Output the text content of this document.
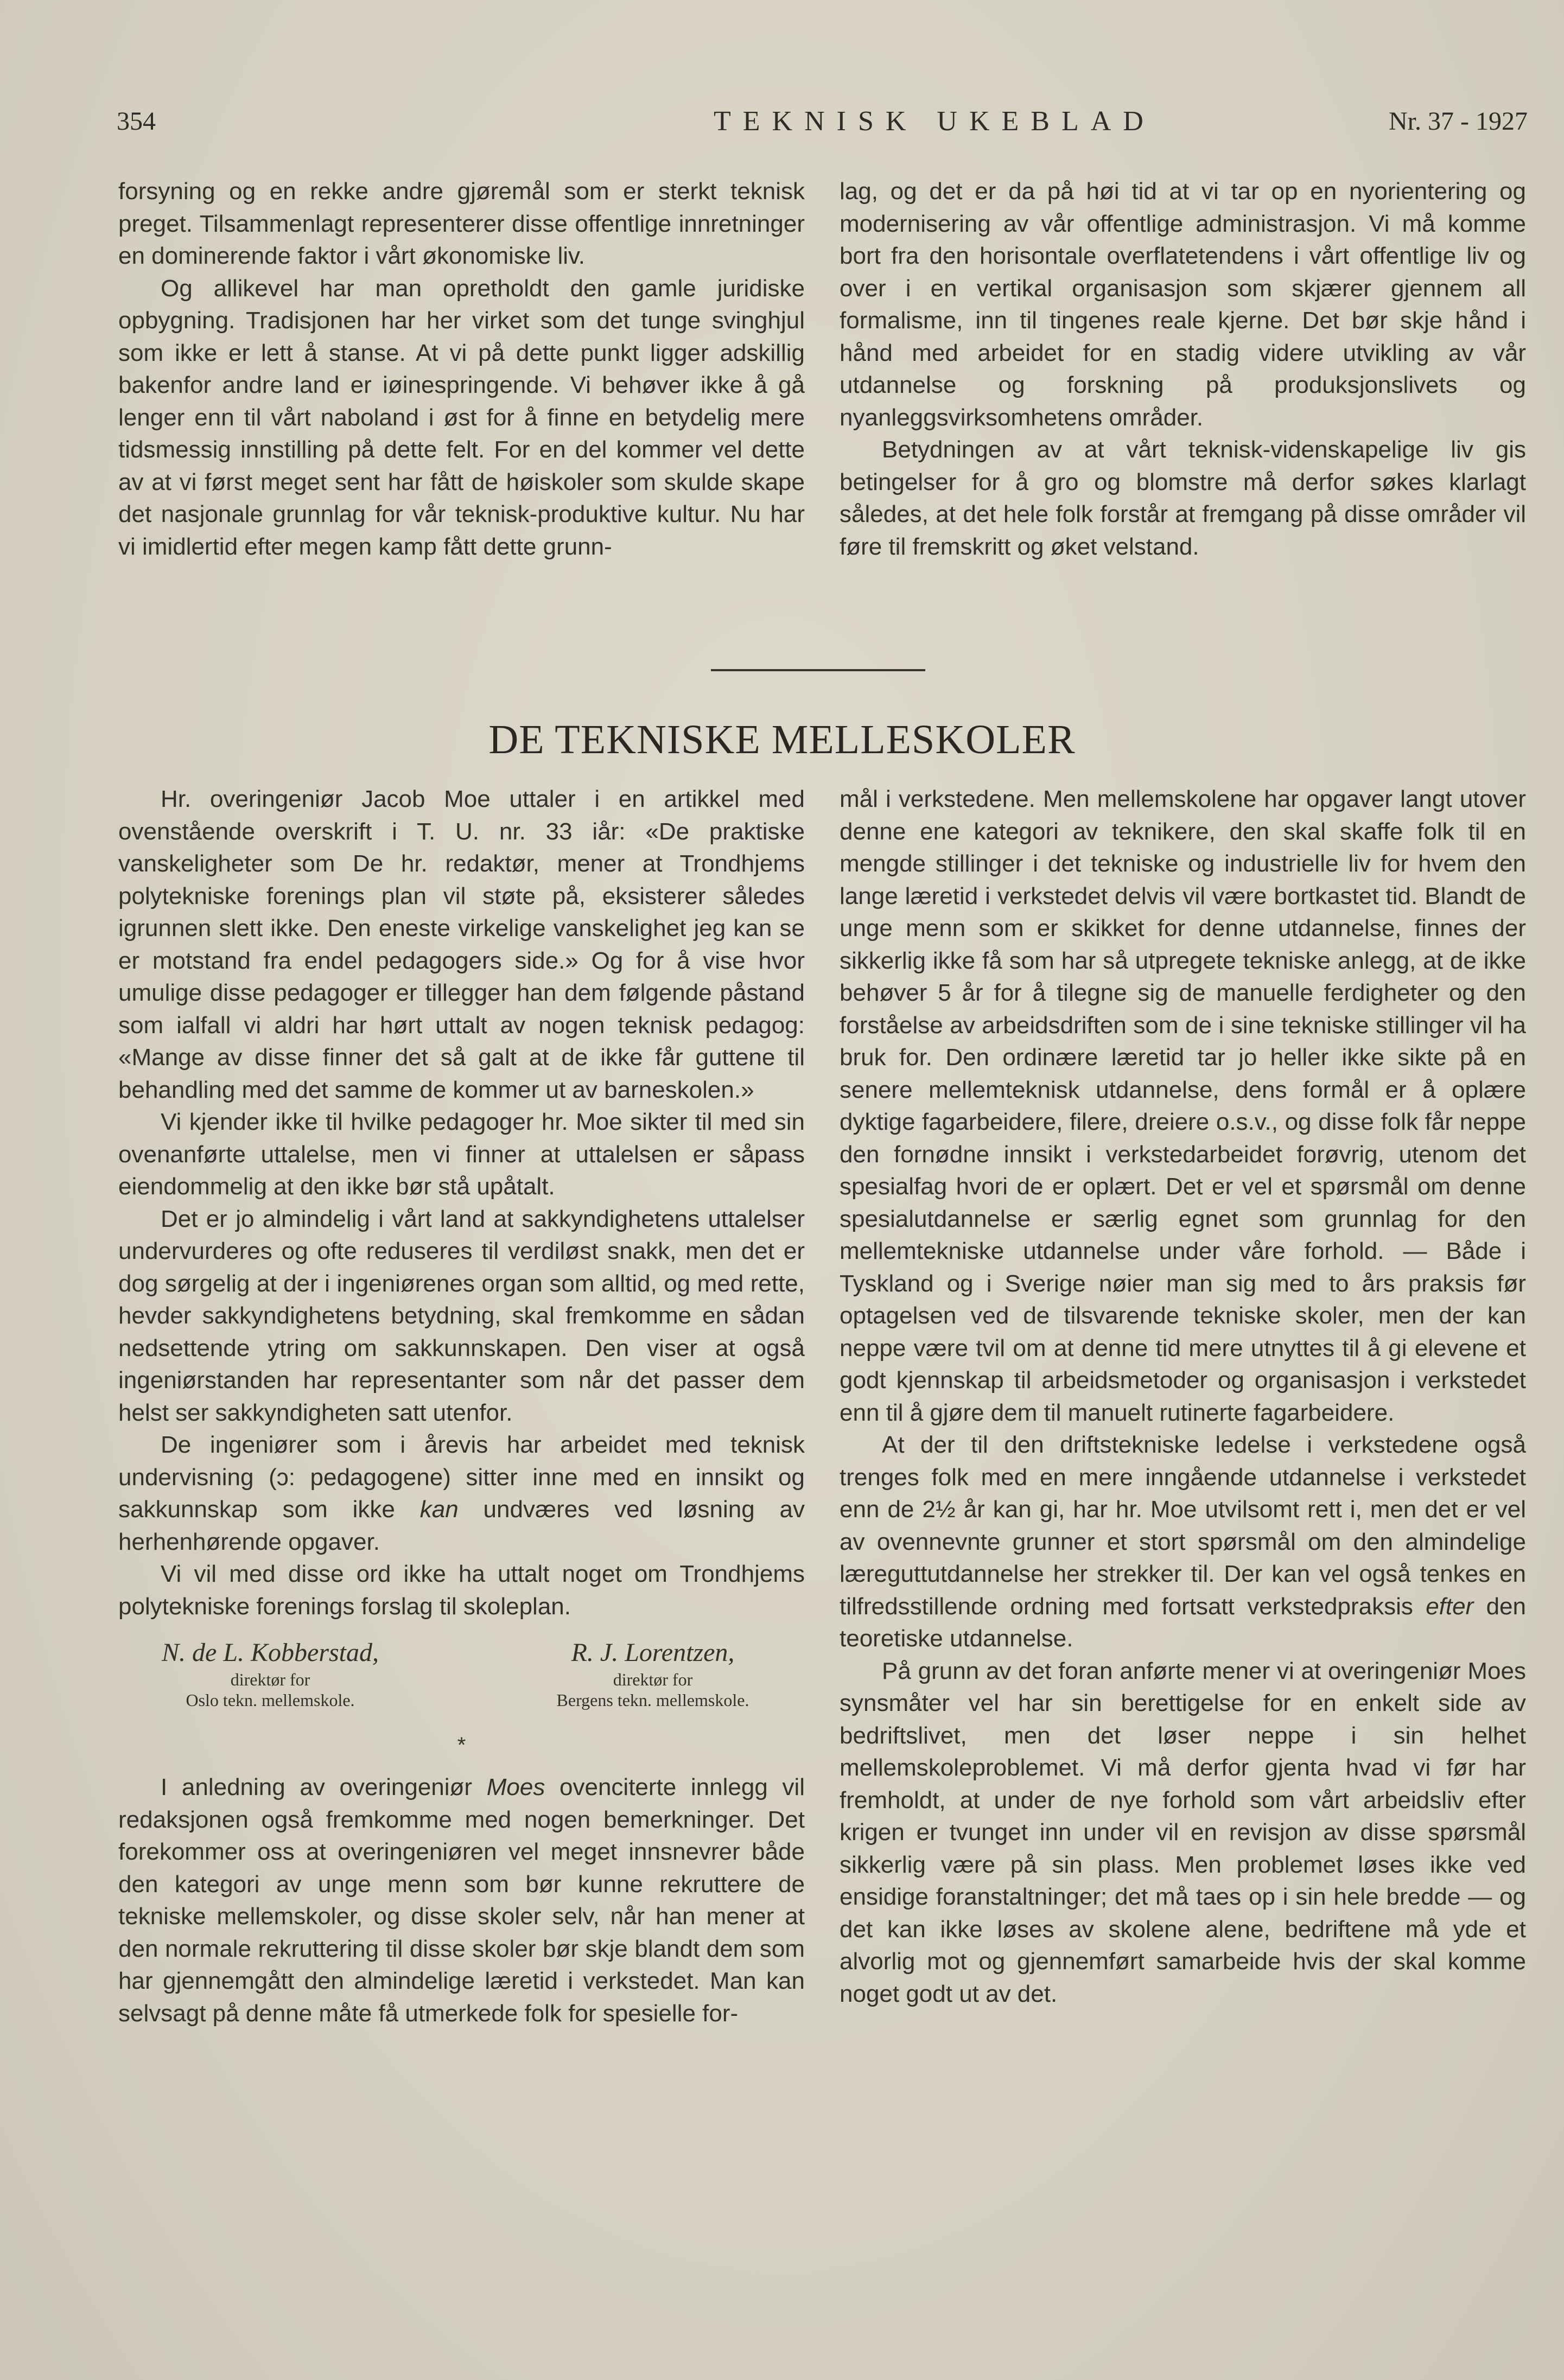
354	TEKNISK UKEBLAD	Nr. 37 - 1927

forsyning og en rekke andre gjøremål som er sterkt teknisk preget. Tilsammenlagt representerer disse offentlige innretninger en dominerende faktor i vårt økonomiske liv.

Og allikevel har man opretholdt den gamle juridiske opbygning. Tradisjonen har her virket som det tunge svinghjul som ikke er lett å stanse. At vi på dette punkt ligger adskillig bakenfor andre land er iøinespringende. Vi behøver ikke å gå lenger enn til vårt naboland i øst for å finne en betydelig mere tidsmessig innstilling på dette felt. For en del kommer vel dette av at vi først meget sent har fått de høiskoler som skulde skape det nasjonale grunnlag for vår teknisk-produktive kultur. Nu har vi imidlertid efter megen kamp fått dette grunn-

lag, og det er da på høi tid at vi tar op en nyorientering og modernisering av vår offentlige administrasjon. Vi må komme bort fra den horisontale overflatetendens i vårt offentlige liv og over i en vertikal organisasjon som skjærer gjennem all formalisme, inn til tingenes reale kjerne. Det bør skje hånd i hånd med arbeidet for en stadig videre utvikling av vår utdannelse og forskning på produksjonslivets og nyanleggsvirksomhetens områder.

Betydningen av at vårt teknisk-videnskapelige liv gis betingelser for å gro og blomstre må derfor søkes klarlagt således, at det hele folk forstår at fremgang på disse områder vil føre til fremskritt og øket velstand.

DE TEKNISKE MELLESKOLER

Hr. overingeniør Jacob Moe uttaler i en artikkel med ovenstående overskrift i T. U. nr. 33 iår: «De praktiske vanskeligheter som De hr. redaktør, mener at Trondhjems polytekniske forenings plan vil støte på, eksisterer således igrunnen slett ikke. Den eneste virkelige vanskelighet jeg kan se er motstand fra endel pedagogers side.» Og for å vise hvor umulige disse pedagoger er tillegger han dem følgende påstand som ialfall vi aldri har hørt uttalt av nogen teknisk pedagog: «Mange av disse finner det så galt at de ikke får guttene til behandling med det samme de kommer ut av barneskolen.»

Vi kjender ikke til hvilke pedagoger hr. Moe sikter til med sin ovenanførte uttalelse, men vi finner at uttalelsen er såpass eiendommelig at den ikke bør stå upåtalt.

Det er jo almindelig i vårt land at sakkyndighetens uttalelser undervurderes og ofte reduseres til verdiløst snakk, men det er dog sørgelig at der i ingeniørenes organ som alltid, og med rette, hevder sakkyndighetens betydning, skal fremkomme en sådan nedsettende ytring om sakkunnskapen. Den viser at også ingeniørstanden har representanter som når det passer dem helst ser sakkyndigheten satt utenfor.

De ingeniører som i årevis har arbeidet med teknisk undervisning (ɔ: pedagogene) sitter inne med en innsikt og sakkunnskap som ikke kan undværes ved løsning av herhenhørende opgaver.

Vi vil med disse ord ikke ha uttalt noget om Trondhjems polytekniske forenings forslag til skoleplan.

N. de L. Kobberstad,
direktør for
Oslo tekn. mellemskole.
R. J. Lorentzen,
direktør for
Bergens tekn. mellemskole.
*

I anledning av overingeniør Moes ovenciterte innlegg vil redaksjonen også fremkomme med nogen bemerkninger. Det forekommer oss at overingeniøren vel meget innsnevrer både den kategori av unge menn som bør kunne rekruttere de tekniske mellemskoler, og disse skoler selv, når han mener at den normale rekruttering til disse skoler bør skje blandt dem som har gjennemgått den almindelige læretid i verkstedet. Man kan selvsagt på denne måte få utmerkede folk for spesielle for-

mål i verkstedene. Men mellemskolene har opgaver langt utover denne ene kategori av teknikere, den skal skaffe folk til en mengde stillinger i det tekniske og industrielle liv for hvem den lange læretid i verkstedet delvis vil være bortkastet tid. Blandt de unge menn som er skikket for denne utdannelse, finnes der sikkerlig ikke få som har så utpregete tekniske anlegg, at de ikke behøver 5 år for å tilegne sig de manuelle ferdigheter og den forståelse av arbeidsdriften som de i sine tekniske stillinger vil ha bruk for. Den ordinære læretid tar jo heller ikke sikte på en senere mellemteknisk utdannelse, dens formål er å oplære dyktige fagarbeidere, filere, dreiere o.s.v., og disse folk får neppe den fornødne innsikt i verkstedarbeidet forøvrig, utenom det spesialfag hvori de er oplært. Det er vel et spørsmål om denne spesialutdannelse er særlig egnet som grunnlag for den mellemtekniske utdannelse under våre forhold. — Både i Tyskland og i Sverige nøier man sig med to års praksis før optagelsen ved de tilsvarende tekniske skoler, men der kan neppe være tvil om at denne tid mere utnyttes til å gi elevene et godt kjennskap til arbeidsmetoder og organisasjon i verkstedet enn til å gjøre dem til manuelt rutinerte fagarbeidere.

At der til den driftstekniske ledelse i verkstedene også trenges folk med en mere inngående utdannelse i verkstedet enn de 2½ år kan gi, har hr. Moe utvilsomt rett i, men det er vel av ovennevnte grunner et stort spørsmål om den almindelige læreguttutdannelse her strekker til. Der kan vel også tenkes en tilfredsstillende ordning med fortsatt verkstedpraksis efter den teoretiske utdannelse.

På grunn av det foran anførte mener vi at overingeniør Moes synsmåter vel har sin berettigelse for en enkelt side av bedriftslivet, men det løser neppe i sin helhet mellemskoleproblemet. Vi må derfor gjenta hvad vi før har fremholdt, at under de nye forhold som vårt arbeidsliv efter krigen er tvunget inn under vil en revisjon av disse spørsmål sikkerlig være på sin plass. Men problemet løses ikke ved ensidige foranstaltninger; det må taes op i sin hele bredde — og det kan ikke løses av skolene alene, bedriftene må yde et alvorlig mot og gjennemført samarbeide hvis der skal komme noget godt ut av det.
